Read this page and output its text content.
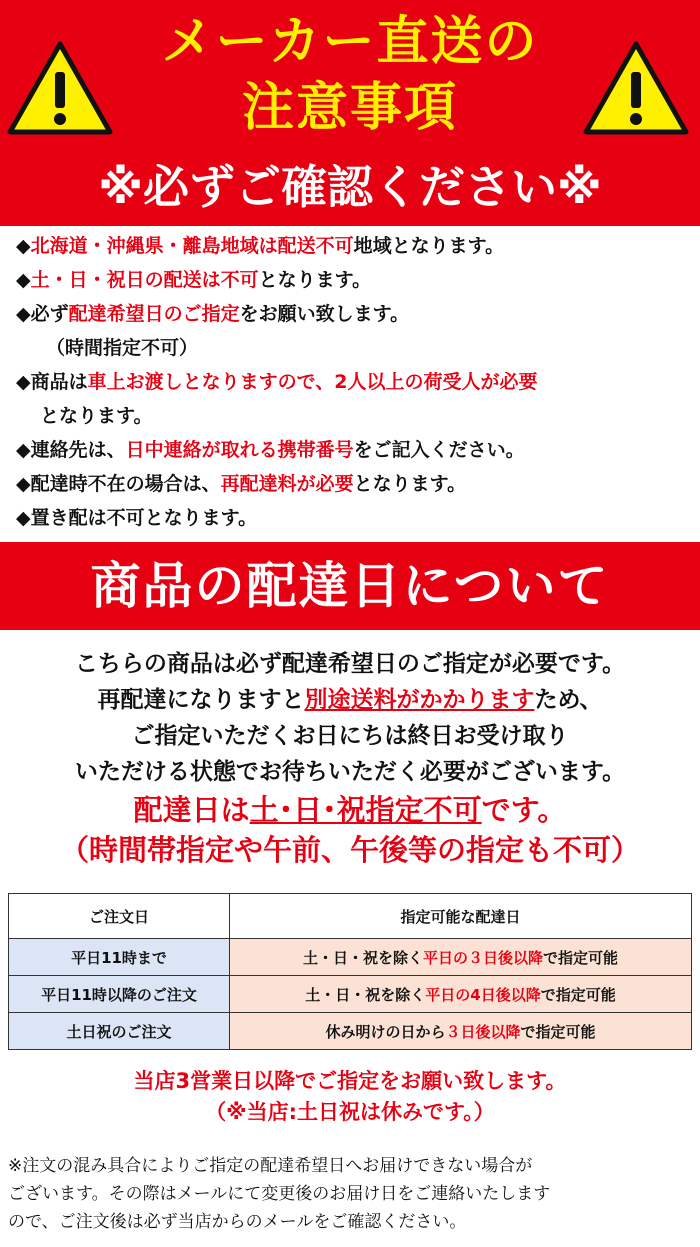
メーカー直送の
注意事項
※必ずご確認ください※
◆北海道・沖縄県・離島地域は配送不可地域となります。
◆土・日・祝日の配送は不可となります。
◆必ず配達希望日のご指定をお願い致します。
（時間指定不可）
◆商品は車上お渡しとなりますので、2人以上の荷受人が必要
となります。
◆連絡先は、日中連絡が取れる携帯番号をご記入ください。
◆配達時不在の場合は、再配達料が必要となります。
◆置き配は不可となります。
商品の配達日について
こちらの商品は必ず配達希望日のご指定が必要です。
再配達になりますと別途送料がかかりますため、
ご指定いただくお日にちは終日お受け取り
いただける状態でお待ちいただく必要がございます。
配達日は土･日･祝指定不可です。
（時間帯指定や午前、午後等の指定も不可）
ご注文日	指定可能な配達日
平日11時まで	土・日・祝を除く平日の３日後以降で指定可能
平日11時以降のご注文	土・日・祝を除く平日の4日後以降で指定可能
土日祝のご注文	休み明けの日から３日後以降で指定可能
当店3営業日以降でご指定をお願い致します。
（※当店:土日祝は休みです。）
※注文の混み具合によりご指定の配達希望日へお届けできない場合が
ございます。その際はメールにて変更後のお届け日をご連絡いたします
ので、ご注文後は必ず当店からのメールをご確認ください。
